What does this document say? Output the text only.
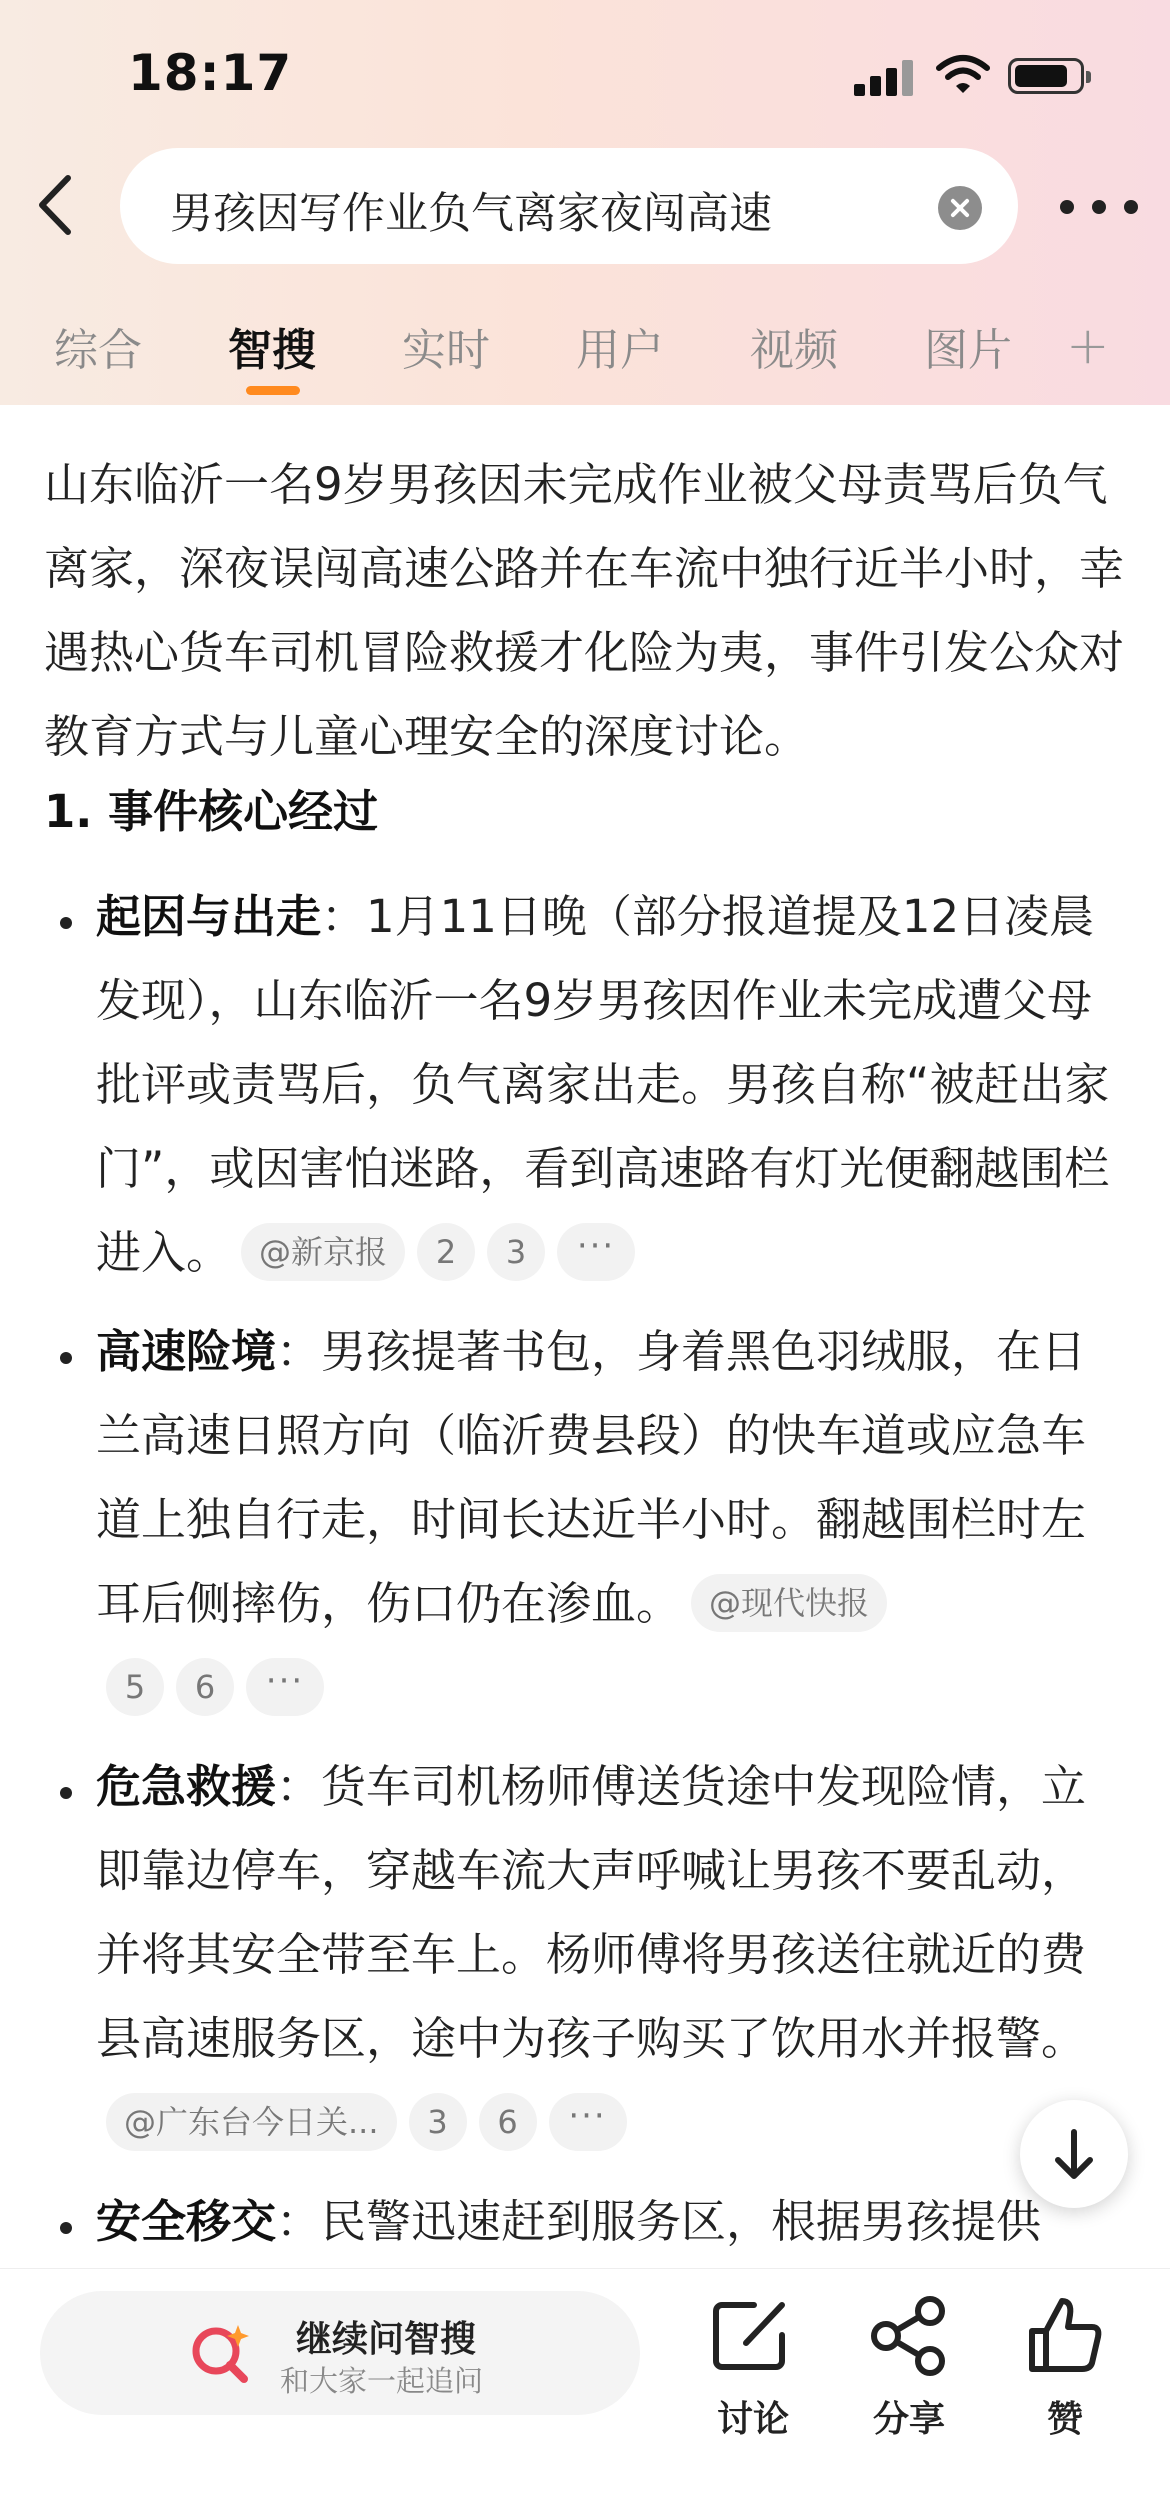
18:17
男孩因写作业负气离家夜闯高速
综合 智搜 实时 用户 视频 图片 +
山东临沂一名9岁男孩因未完成作业被父母责骂后负气离家，深夜误闯高速公路并在车流中独行近半小时，幸遇热心货车司机冒险救援才化险为夷，事件引发公众对教育方式与儿童心理安全的深度讨论。
1. 事件核心经过
起因与出走：1月11日晚（部分报道提及12日凌晨发现），山东临沂一名9岁男孩因作业未完成遭父母批评或责骂后，负气离家出走。男孩自称“被赶出家门”，或因害怕迷路，看到高速路有灯光便翻越围栏进入。 @新京报 2 3 ···
高速险境：男孩提著书包，身着黑色羽绒服，在日兰高速日照方向（临沂费县段）的快车道或应急车道上独自行走，时间长达近半小时。翻越围栏时左耳后侧摔伤，伤口仍在渗血。 @现代快报
5 6 ···
危急救援：货车司机杨师傅送货途中发现险情，立即靠边停车，穿越车流大声呼喊让男孩不要乱动，并将其安全带至车上。杨师傅将男孩送往就近的费县高速服务区，途中为孩子购买了饮用水并报警。@广东台今日关... 3 6 ···
安全移交：民警迅速赶到服务区，根据男孩提供
继续问智搜
和大家一起追问
讨论	分享	赞
